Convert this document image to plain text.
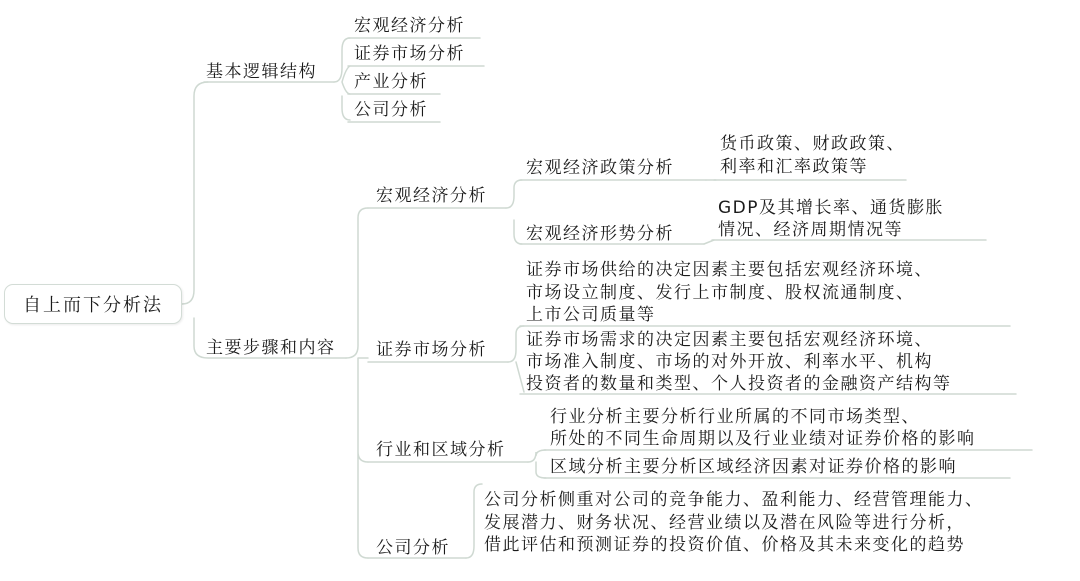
自上而下分析法
基本逻辑结构
宏观经济分析
证券市场分析
产业分析
公司分析
主要步骤和内容
宏观经济分析
宏观经济政策分析
货币政策、财政政策、
利率和汇率政策等
宏观经济形势分析
GDP及其增长率、通货膨胀
情况、经济周期情况等
证券市场分析
证券市场供给的决定因素主要包括宏观经济环境、
市场设立制度、发行上市制度、股权流通制度、
上市公司质量等
证券市场需求的决定因素主要包括宏观经济环境、
市场准入制度、市场的对外开放、利率水平、机构
投资者的数量和类型、个人投资者的金融资产结构等
行业和区域分析
行业分析主要分析行业所属的不同市场类型、
所处的不同生命周期以及行业业绩对证券价格的影响
区域分析主要分析区域经济因素对证券价格的影响
公司分析
公司分析侧重对公司的竞争能力、盈利能力、经营管理能力、
发展潜力、财务状况、经营业绩以及潜在风险等进行分析，
借此评估和预测证券的投资价值、价格及其未来变化的趋势
